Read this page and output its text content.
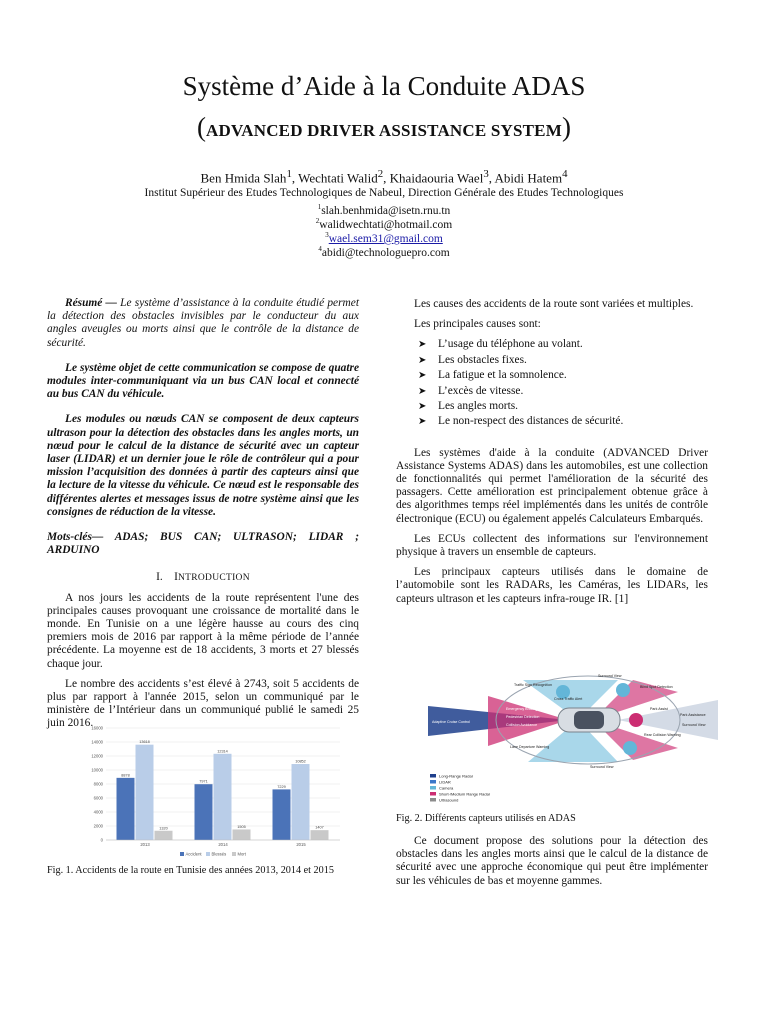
Système d’Aide à la Conduite ADAS
(ADVANCED DRIVER ASSISTANCE SYSTEM)
Ben Hmida Slah$^1$, Wechtati Walid$^2$, Khaidaouria Wael$^3$, Abidi Hatem$^4$
Institut Supérieur des Etudes Technologiques de Nabeul, Direction Générale des Etudes Technologiques
$^1$slah.benhmida@isetn.rnu.tn
$^2$walidwechtati@hotmail.com
$^3$wael.sem31@gmail.com
$^4$abidi@technologuepro.com

Résumé — Le système d’assistance à la conduite étudié permet la détection des obstacles invisibles par le conducteur du aux angles aveugles ou morts ainsi que le contrôle de la distance de sécurité.

Le système objet de cette communication se compose de quatre modules inter-communiquant via un bus CAN local et connecté au bus CAN du véhicule.

Les modules ou nœuds CAN se composent de deux capteurs ultrason pour la détection des obstacles dans les angles morts, un nœud pour le calcul de la distance de sécurité avec un capteur laser (LIDAR) et un dernier joue le rôle de contrôleur qui a pour mission l’acquisition des données à partir des capteurs ainsi que la lecture de la vitesse du véhicule. Ce nœud est le responsable des différentes alertes et messages issus de notre système ainsi que les consignes de réduction de la vitesse.

Mots-clés— ADAS; BUS CAN; ULTRASON; LIDAR ; ARDUINO

I. INTRODUCTION

A nos jours les accidents de la route représentent l'une des principales causes provoquant une croissance de mortalité dans le monde. En Tunisie on a une légère hausse au cours des cinq premiers mois de 2016 par rapport à la même période de l’année précédente. La moyenne est de 18 accidents, 3 morts et 27 blessés chaque jour.

Le nombre des accidents s’est élevé à 2743, soit 5 accidents de plus par rapport à l'année 2015, selon un communiqué par le ministère de l’Intérieur dans un communiqué publié le samedi 25 juin 2016.

0
2000
4000
6000
8000
10000
12000
14000
16000
8878
13618
1320
2013
7971
12314
1505
2014
7229
10852
1407
2015
Accident Blessés	Mort
Fig. 1. Accidents de la route en Tunisie des années 2013, 2014 et 2015

Les causes des accidents de la route sont variées et multiples.

Les principales causes sont:

➤ L’usage du téléphone au volant.
➤ Les obstacles fixes.
➤ La fatigue et la somnolence.
➤ L’excès de vitesse.
➤ Les angles morts.
➤ Le non-respect des distances de sécurité.

Les systèmes d'aide à la conduite (ADVANCED Driver Assistance Systems ADAS) dans les automobiles, est une collection de fonctionnalités qui permet l'amélioration de la sécurité des passagers. Cette amélioration est principalement obtenue grâce à des algorithmes temps réel implémentés dans les unités de contrôle électronique (ECU) ou également appelés Calculateurs Embarqués.

Les ECUs collectent des informations sur l'environnement physique à travers un ensemble de capteurs.

Les principaux capteurs utilisés dans le domaine de l’automobile sont les RADARs, les Caméras, les LIDARs, les capteurs ultrason et les capteurs infra-rouge IR. [1]

Surround View
Traffic Sign Recognition
Cross Traffic Alert
Blind Spot Detection
Adaptive Cruise Control
Emergency Braking
Pedestrian Detection
Collision Avoidance
Park Assist
Park Assistance
Surround View
Rear Collision Warning
Lane Departure Warning
Surround View
Long-Range Radar
LIDAR
Camera
Short-/Medium Range Radar
Ultrasound
Fig. 2. Différents capteurs utilisés en ADAS

Ce document propose des solutions pour la détection des obstacles dans les angles morts ainsi que le calcul de la distance de sécurité avec une approche économique qui peut être implémenter sur les véhicules de bas et moyenne gammes.
